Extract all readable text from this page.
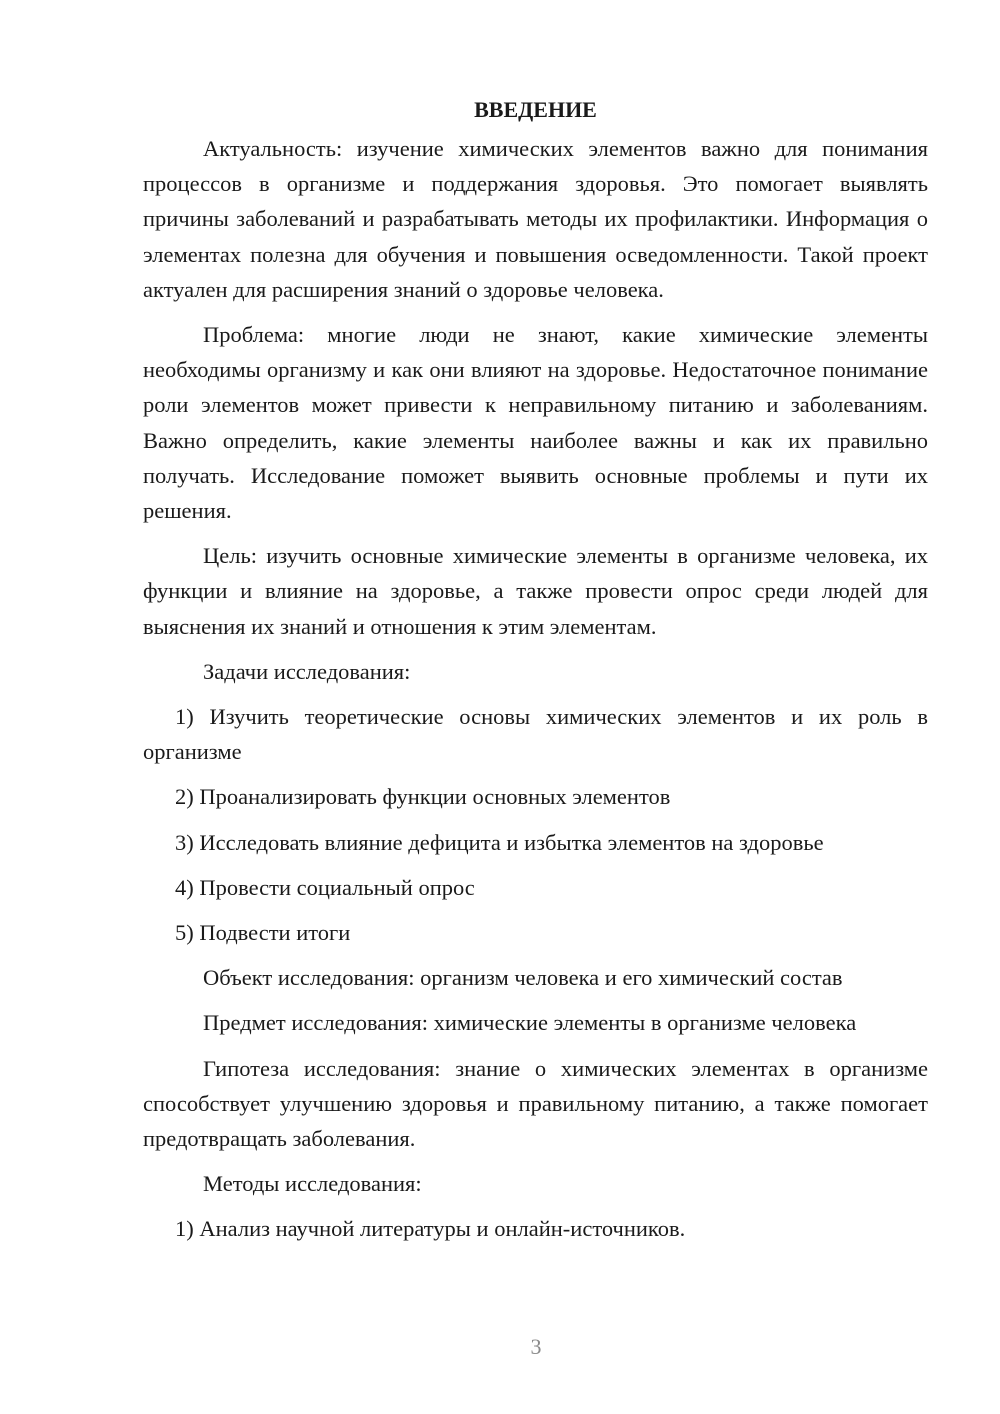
ВВЕДЕНИЕ

Актуальность: изучение химических элементов важно для понимания процессов в организме и поддержания здоровья. Это помогает выявлять причины заболеваний и разрабатывать методы их профилактики. Информация о элементах полезна для обучения и повышения осведомленности. Такой проект актуален для расширения знаний о здоровье человека.

Проблема: многие люди не знают, какие химические элементы необходимы организму и как они влияют на здоровье. Недостаточное понимание роли элементов может привести к неправильному питанию и заболеваниям. Важно определить, какие элементы наиболее важны и как их правильно получать. Исследование поможет выявить основные проблемы и пути их решения.

Цель: изучить основные химические элементы в организме человека, их функции и влияние на здоровье, а также провести опрос среди людей для выяснения их знаний и отношения к этим элементам.

Задачи исследования:

1) Изучить теоретические основы химических элементов и их роль в организме

2) Проанализировать функции основных элементов

3) Исследовать влияние дефицита и избытка элементов на здоровье

4) Провести социальный опрос

5) Подвести итоги

Объект исследования: организм человека и его химический состав

Предмет исследования: химические элементы в организме человека

Гипотеза исследования: знание о химических элементах в организме способствует улучшению здоровья и правильному питанию, а также помогает предотвращать заболевания.

Методы исследования:

1) Анализ научной литературы и онлайн-источников.

3
